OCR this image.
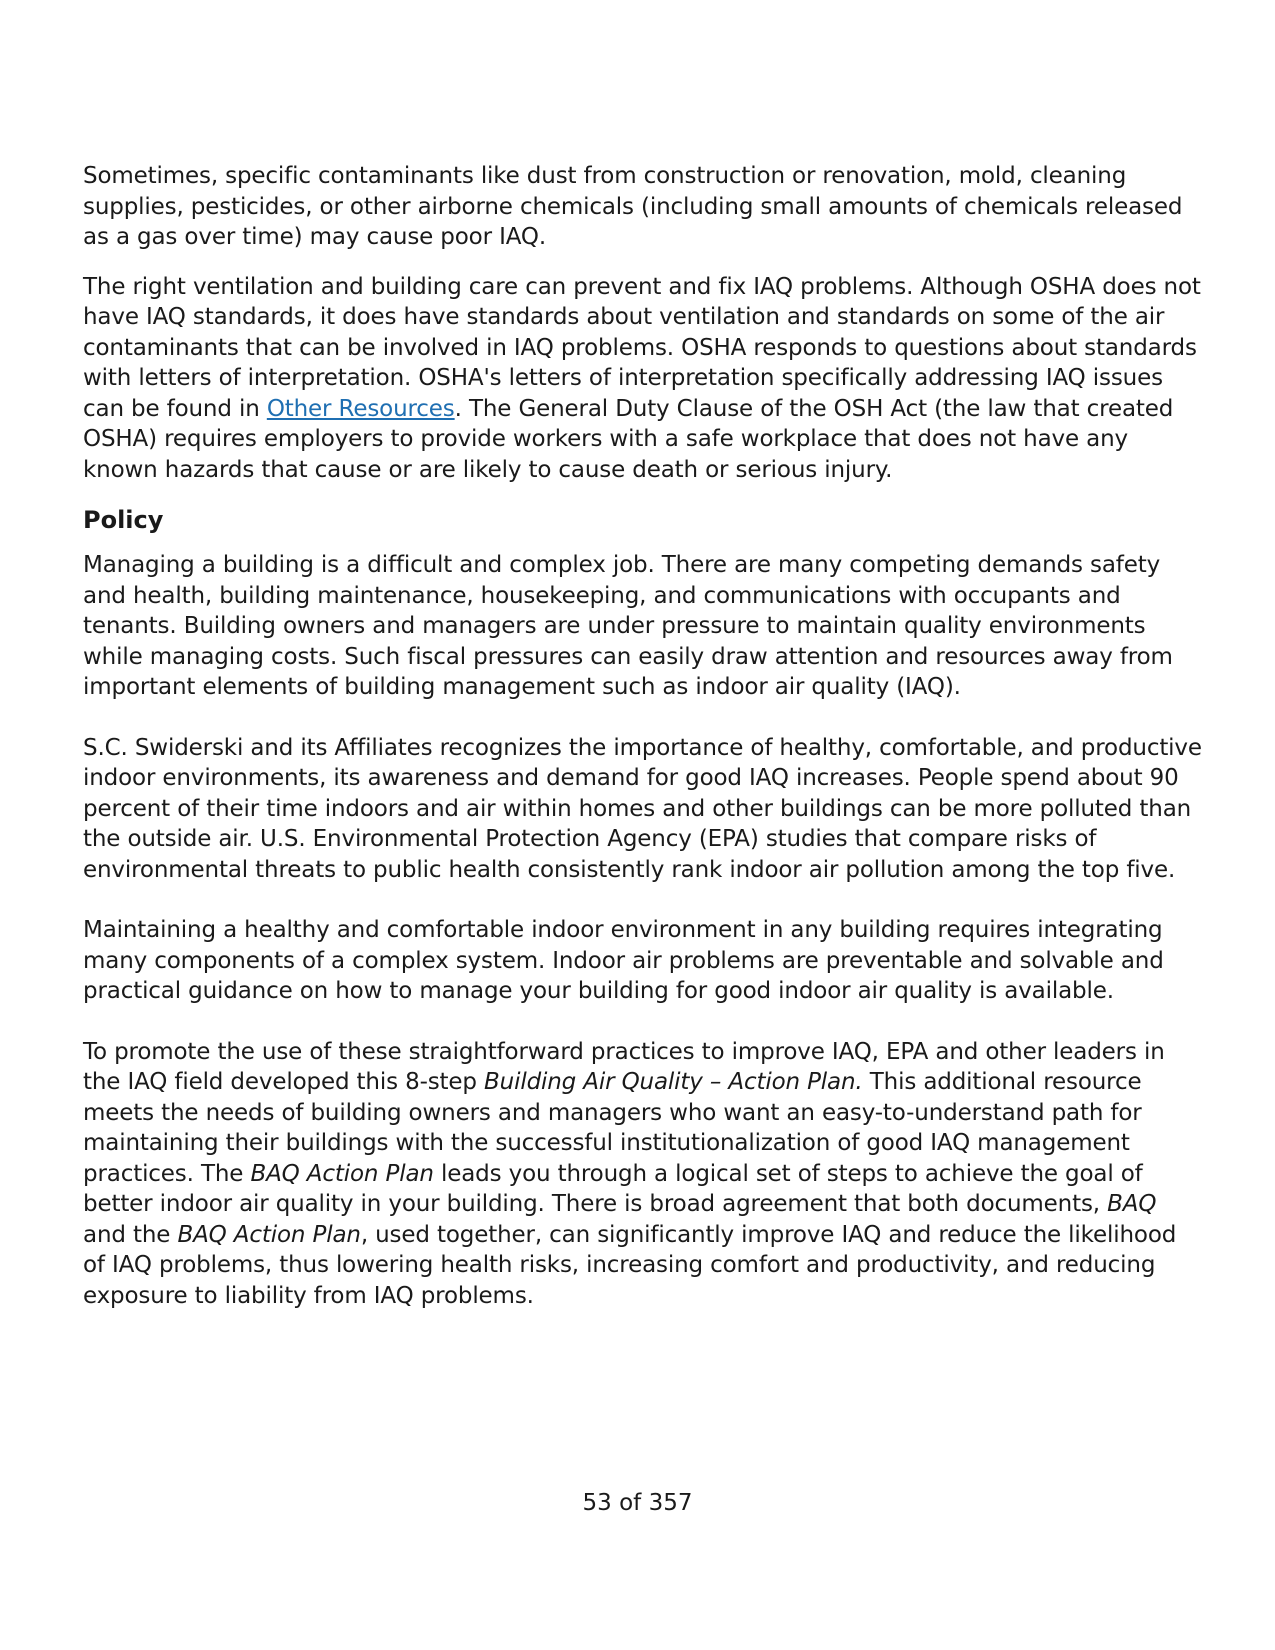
Sometimes, specific contaminants like dust from construction or renovation, mold, cleaning supplies, pesticides, or other airborne chemicals (including small amounts of chemicals released as a gas over time) may cause poor IAQ.

The right ventilation and building care can prevent and fix IAQ problems. Although OSHA does not have IAQ standards, it does have standards about ventilation and standards on some of the air contaminants that can be involved in IAQ problems. OSHA responds to questions about standards with letters of interpretation. OSHA's letters of interpretation specifically addressing IAQ issues can be found in Other Resources. The General Duty Clause of the OSH Act (the law that created OSHA) requires employers to provide workers with a safe workplace that does not have any known hazards that cause or are likely to cause death or serious injury.

Policy

Managing a building is a difficult and complex job. There are many competing demands safety and health, building maintenance, housekeeping, and communications with occupants and tenants. Building owners and managers are under pressure to maintain quality environments while managing costs. Such fiscal pressures can easily draw attention and resources away from important elements of building management such as indoor air quality (IAQ).

S.C. Swiderski and its Affiliates recognizes the importance of healthy, comfortable, and productive indoor environments, its awareness and demand for good IAQ increases. People spend about 90 percent of their time indoors and air within homes and other buildings can be more polluted than the outside air. U.S. Environmental Protection Agency (EPA) studies that compare risks of environmental threats to public health consistently rank indoor air pollution among the top five.

Maintaining a healthy and comfortable indoor environment in any building requires integrating many components of a complex system. Indoor air problems are preventable and solvable and practical guidance on how to manage your building for good indoor air quality is available.

To promote the use of these straightforward practices to improve IAQ, EPA and other leaders in the IAQ field developed this 8-step Building Air Quality – Action Plan. This additional resource meets the needs of building owners and managers who want an easy-to-understand path for maintaining their buildings with the successful institutionalization of good IAQ management practices. The BAQ Action Plan leads you through a logical set of steps to achieve the goal of better indoor air quality in your building. There is broad agreement that both documents, BAQ and the BAQ Action Plan, used together, can significantly improve IAQ and reduce the likelihood of IAQ problems, thus lowering health risks, increasing comfort and productivity, and reducing exposure to liability from IAQ problems.

53 of 357
